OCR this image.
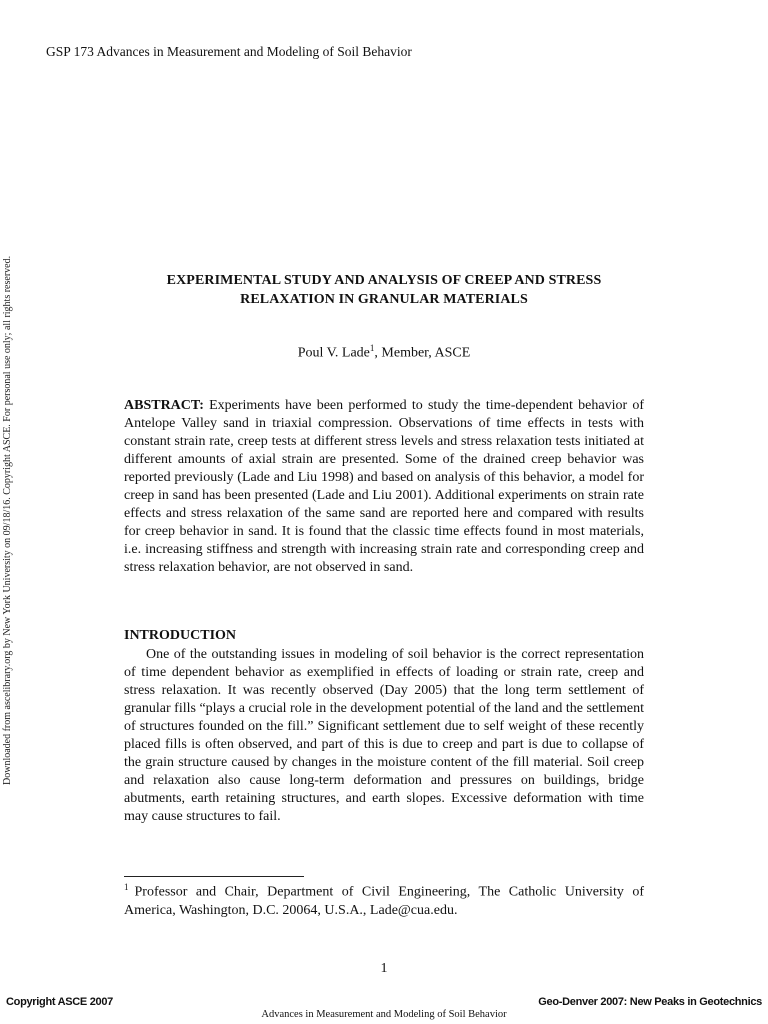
GSP 173 Advances in Measurement and Modeling of Soil Behavior
Downloaded from ascelibrary.org by New York University on 09/18/16. Copyright ASCE. For personal use only; all rights reserved.	EXPERIMENTAL STUDY AND ANALYSIS OF CREEP AND STRESS
RELAXATION IN GRANULAR MATERIALS
Poul V. Lade$^1$, Member, ASCE
ABSTRACT: Experiments have been performed to study the time-dependent behavior of Antelope Valley sand in triaxial compression. Observations of time effects in tests with constant strain rate, creep tests at different stress levels and stress relaxation tests initiated at different amounts of axial strain are presented. Some of the drained creep behavior was reported previously (Lade and Liu 1998) and based on analysis of this behavior, a model for creep in sand has been presented (Lade and Liu 2001). Additional experiments on strain rate effects and stress relaxation of the same sand are reported here and compared with results for creep behavior in sand. It is found that the classic time effects found in most materials, i.e. increasing stiffness and strength with increasing strain rate and corresponding creep and stress relaxation behavior, are not observed in sand.
INTRODUCTION
One of the outstanding issues in modeling of soil behavior is the correct representation of time dependent behavior as exemplified in effects of loading or strain rate, creep and stress relaxation. It was recently observed (Day 2005) that the long term settlement of granular fills “plays a crucial role in the development potential of the land and the settlement of structures founded on the fill.” Significant settlement due to self weight of these recently placed fills is often observed, and part of this is due to creep and part is due to collapse of the grain structure caused by changes in the moisture content of the fill material. Soil creep and relaxation also cause long-term deformation and pressures on buildings, bridge abutments, earth retaining structures, and earth slopes. Excessive deformation with time may cause structures to fail.
$^1$ Professor and Chair, Department of Civil Engineering, The Catholic University of America, Washington, D.C. 20064, U.S.A., Lade@cua.edu.
1
Copyright ASCE 2007	Geo-Denver 2007: New Peaks in Geotechnics
Advances in Measurement and Modeling of Soil Behavior
